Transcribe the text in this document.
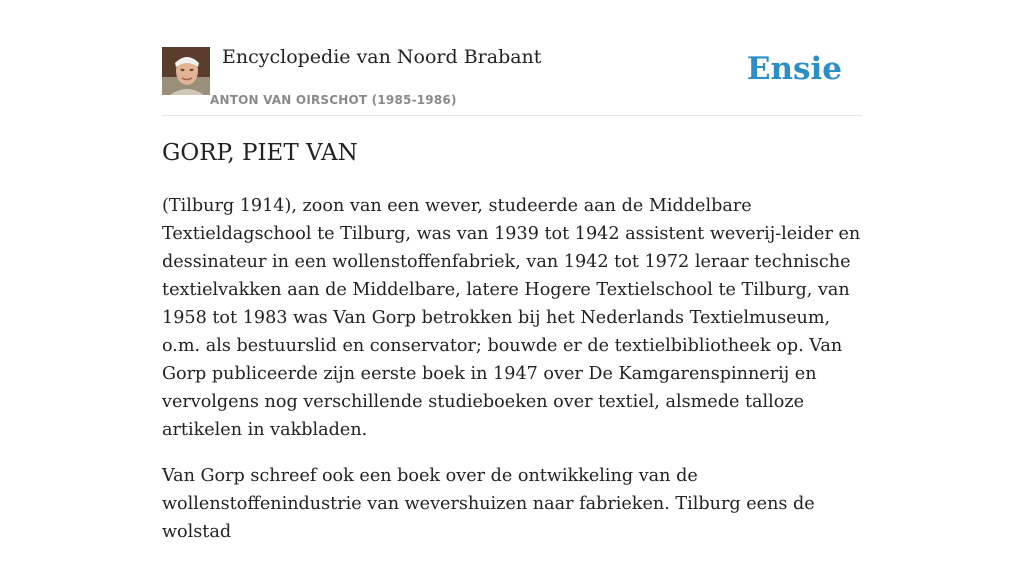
Encyclopedie van Noord Brabant
ANTON VAN OIRSCHOT (1985-1986)
Ensie
GORP, PIET VAN

(Tilburg 1914), zoon van een wever, studeerde aan de Middelbare Textieldagschool te Tilburg, was van 1939 tot 1942 assistent weverij-leider en dessinateur in een wollenstoffenfabriek, van 1942 tot 1972 leraar technische textielvakken aan de Middelbare, latere Hogere Textielschool te Tilburg, van 1958 tot 1983 was Van Gorp betrokken bij het Nederlands Textielmuseum, o.m. als bestuurslid en conservator; bouwde er de textielbibliotheek op. Van Gorp publiceerde zijn eerste boek in 1947 over De Kamgarenspinnerij en vervolgens nog verschillende studieboeken over textiel, alsmede talloze artikelen in vakbladen.

Van Gorp schreef ook een boek over de ontwikkeling van de wollenstoffenindustrie van wevershuizen naar fabrieken. Tilburg eens de wolstad
